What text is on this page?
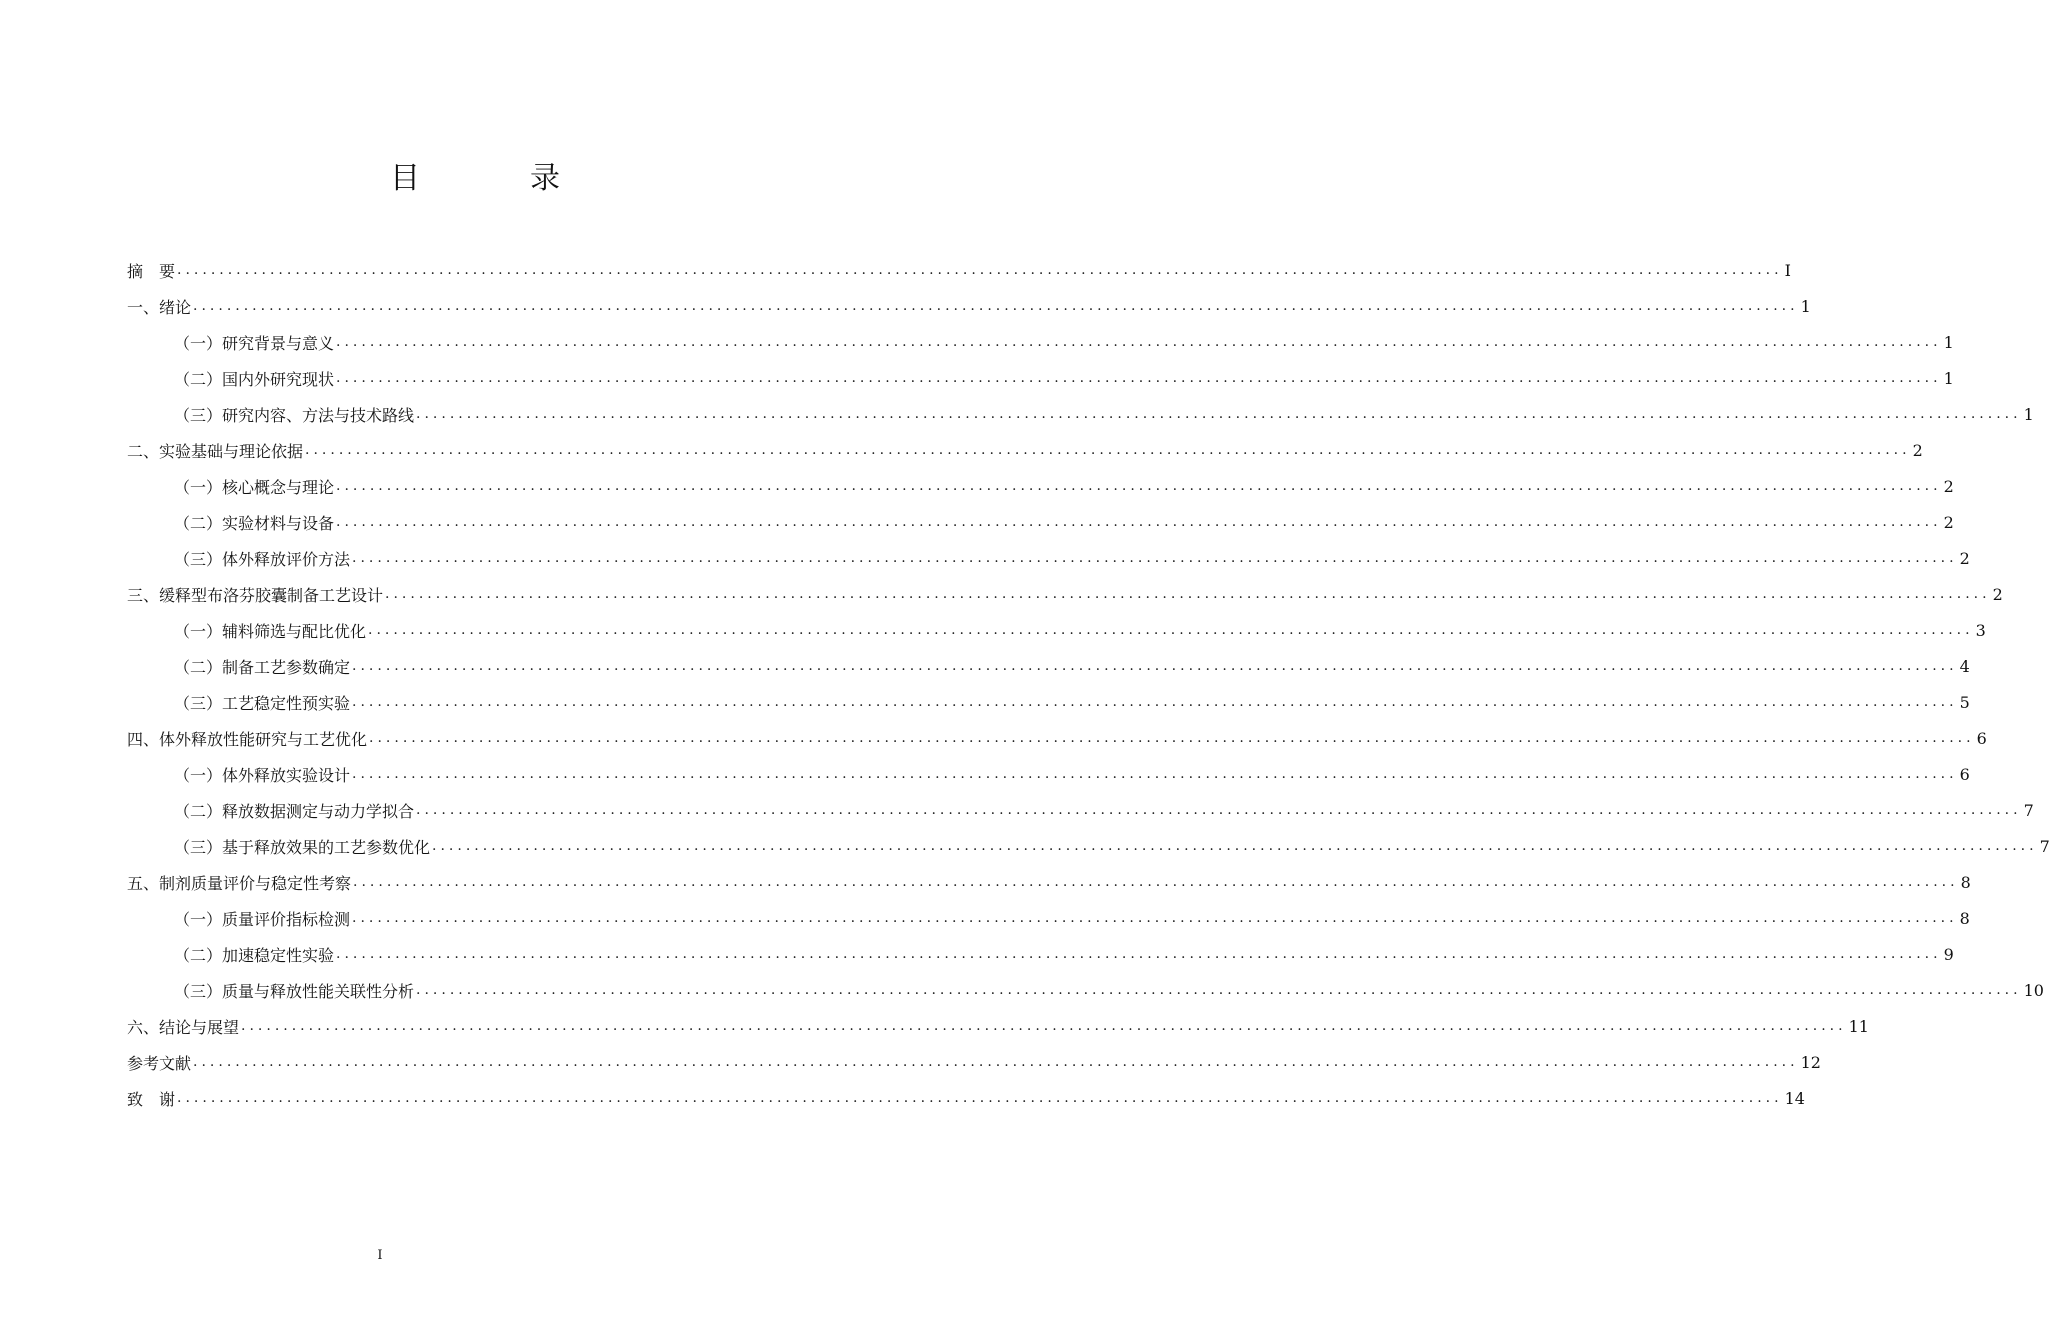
目　录
摘　要 .............................................................................................................................................................................................. I
一、绪论 .............................................................................................................................................................................................. 1
（一）研究背景与意义 .............................................................................................................................................................................................. 1
（二）国内外研究现状 .............................................................................................................................................................................................. 1
（三）研究内容、方法与技术路线 .............................................................................................................................................................................................. 1
二、实验基础与理论依据 .............................................................................................................................................................................................. 2
（一）核心概念与理论 .............................................................................................................................................................................................. 2
（二）实验材料与设备 .............................................................................................................................................................................................. 2
（三）体外释放评价方法 .............................................................................................................................................................................................. 2
三、缓释型布洛芬胶囊制备工艺设计 .............................................................................................................................................................................................. 2
（一）辅料筛选与配比优化 .............................................................................................................................................................................................. 3
（二）制备工艺参数确定 .............................................................................................................................................................................................. 4
（三）工艺稳定性预实验 .............................................................................................................................................................................................. 5
四、体外释放性能研究与工艺优化 .............................................................................................................................................................................................. 6
（一）体外释放实验设计 .............................................................................................................................................................................................. 6
（二）释放数据测定与动力学拟合 .............................................................................................................................................................................................. 7
（三）基于释放效果的工艺参数优化 .............................................................................................................................................................................................. 7
五、制剂质量评价与稳定性考察 .............................................................................................................................................................................................. 8
（一）质量评价指标检测 .............................................................................................................................................................................................. 8
（二）加速稳定性实验 .............................................................................................................................................................................................. 9
（三）质量与释放性能关联性分析 .............................................................................................................................................................................................. 10
六、结论与展望 .............................................................................................................................................................................................. 11
参考文献 .............................................................................................................................................................................................. 12
致　谢 .............................................................................................................................................................................................. 14
I
